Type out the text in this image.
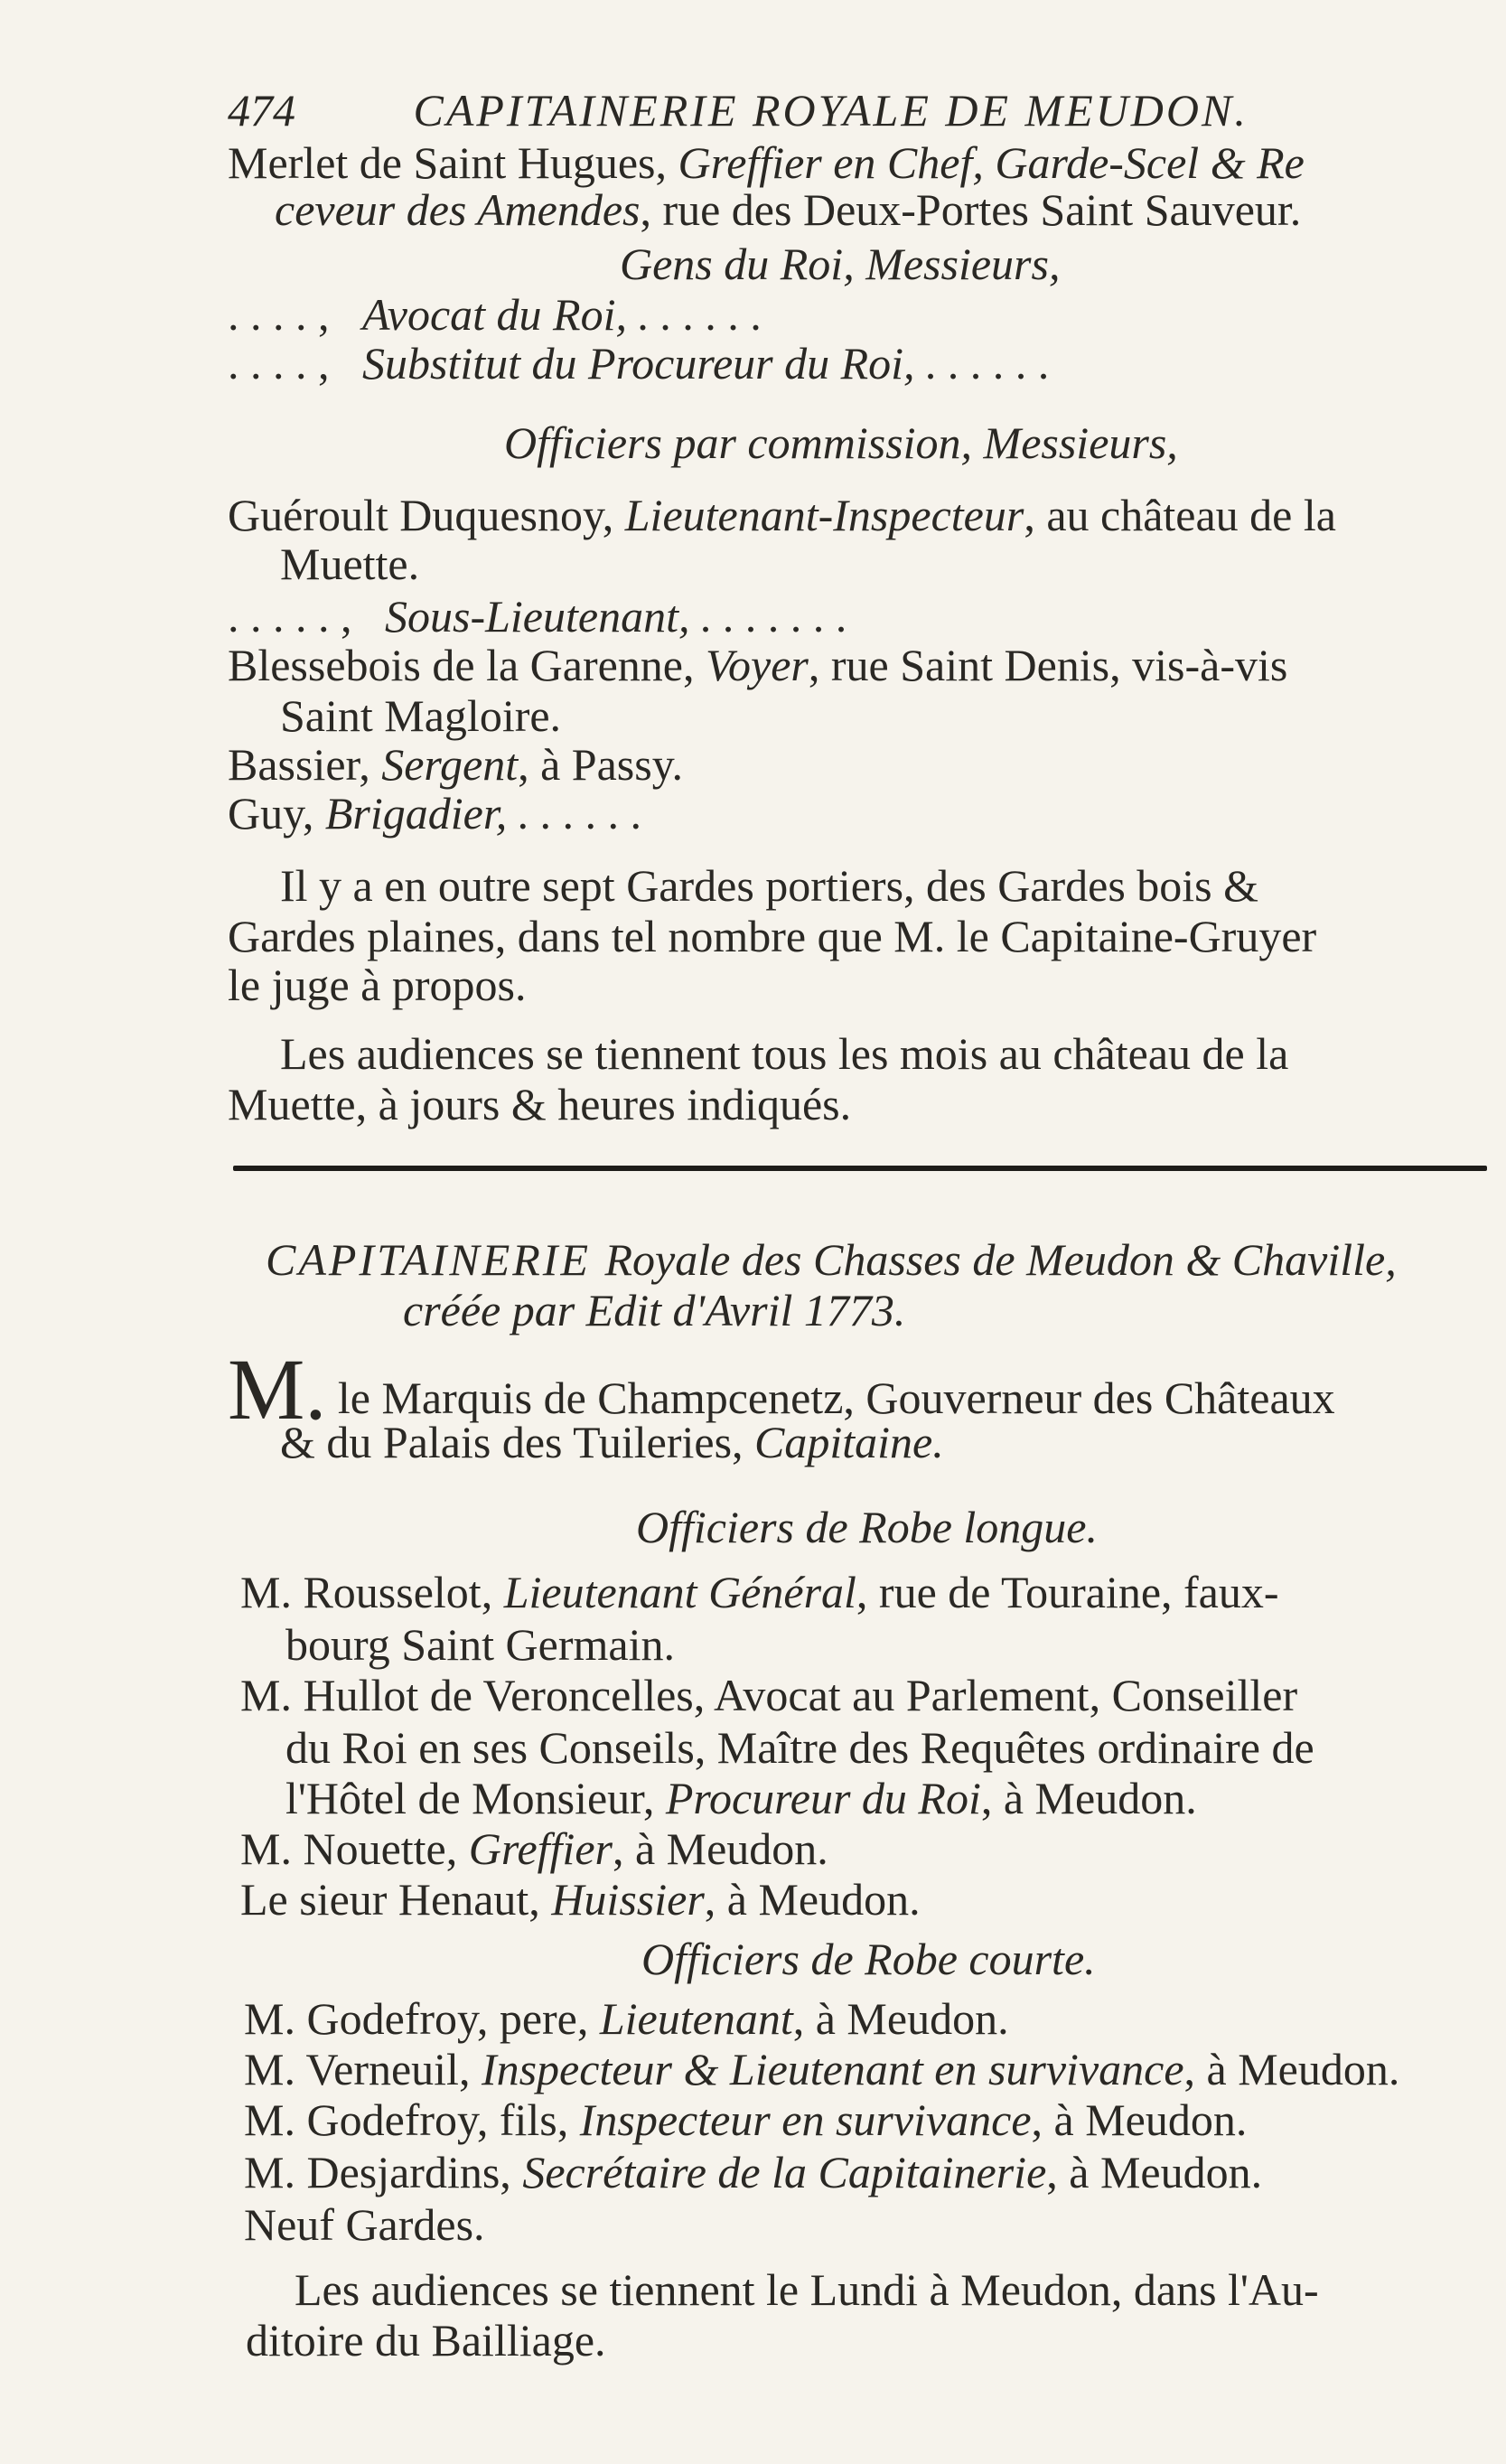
474	CAPITAINERIE ROYALE DE MEUDON.
Merlet de Saint Hugues, Greffier en Chef, Garde-Scel & Re
ceveur des Amendes, rue des Deux-Portes Saint Sauveur.
Gens du Roi, Messieurs,
. . . . , Avocat du Roi, . . . . . .
. . . . , Substitut du Procureur du Roi, . . . . . .
Officiers par commission, Messieurs,
Guéroult Duquesnoy, Lieutenant-Inspecteur, au château de la
Muette.
. . . . . , Sous-Lieutenant, . . . . . . .
Blessebois de la Garenne, Voyer, rue Saint Denis, vis-à-vis
Saint Magloire.
Bassier, Sergent, à Passy.
Guy, Brigadier, . . . . . .
Il y a en outre sept Gardes portiers, des Gardes bois &
Gardes plaines, dans tel nombre que M. le Capitaine-Gruyer
le juge à propos.
Les audiences se tiennent tous les mois au château de la
Muette, à jours & heures indiqués.
CAPITAINERIE Royale des Chasses de Meudon & Chaville,
créée par Edit d'Avril 1773.
M. le Marquis de Champcenetz, Gouverneur des Châteaux
& du Palais des Tuileries, Capitaine.
Officiers de Robe longue.
M. Rousselot, Lieutenant Général, rue de Touraine, faux-
bourg Saint Germain.
M. Hullot de Veroncelles, Avocat au Parlement, Conseiller
du Roi en ses Conseils, Maître des Requêtes ordinaire de
l'Hôtel de Monsieur, Procureur du Roi, à Meudon.
M. Nouette, Greffier, à Meudon.
Le sieur Henaut, Huissier, à Meudon.
Officiers de Robe courte.
M. Godefroy, pere, Lieutenant, à Meudon.
M. Verneuil, Inspecteur & Lieutenant en survivance, à Meudon.
M. Godefroy, fils, Inspecteur en survivance, à Meudon.
M. Desjardins, Secrétaire de la Capitainerie, à Meudon.
Neuf Gardes.
Les audiences se tiennent le Lundi à Meudon, dans l'Au-
ditoire du Bailliage.
